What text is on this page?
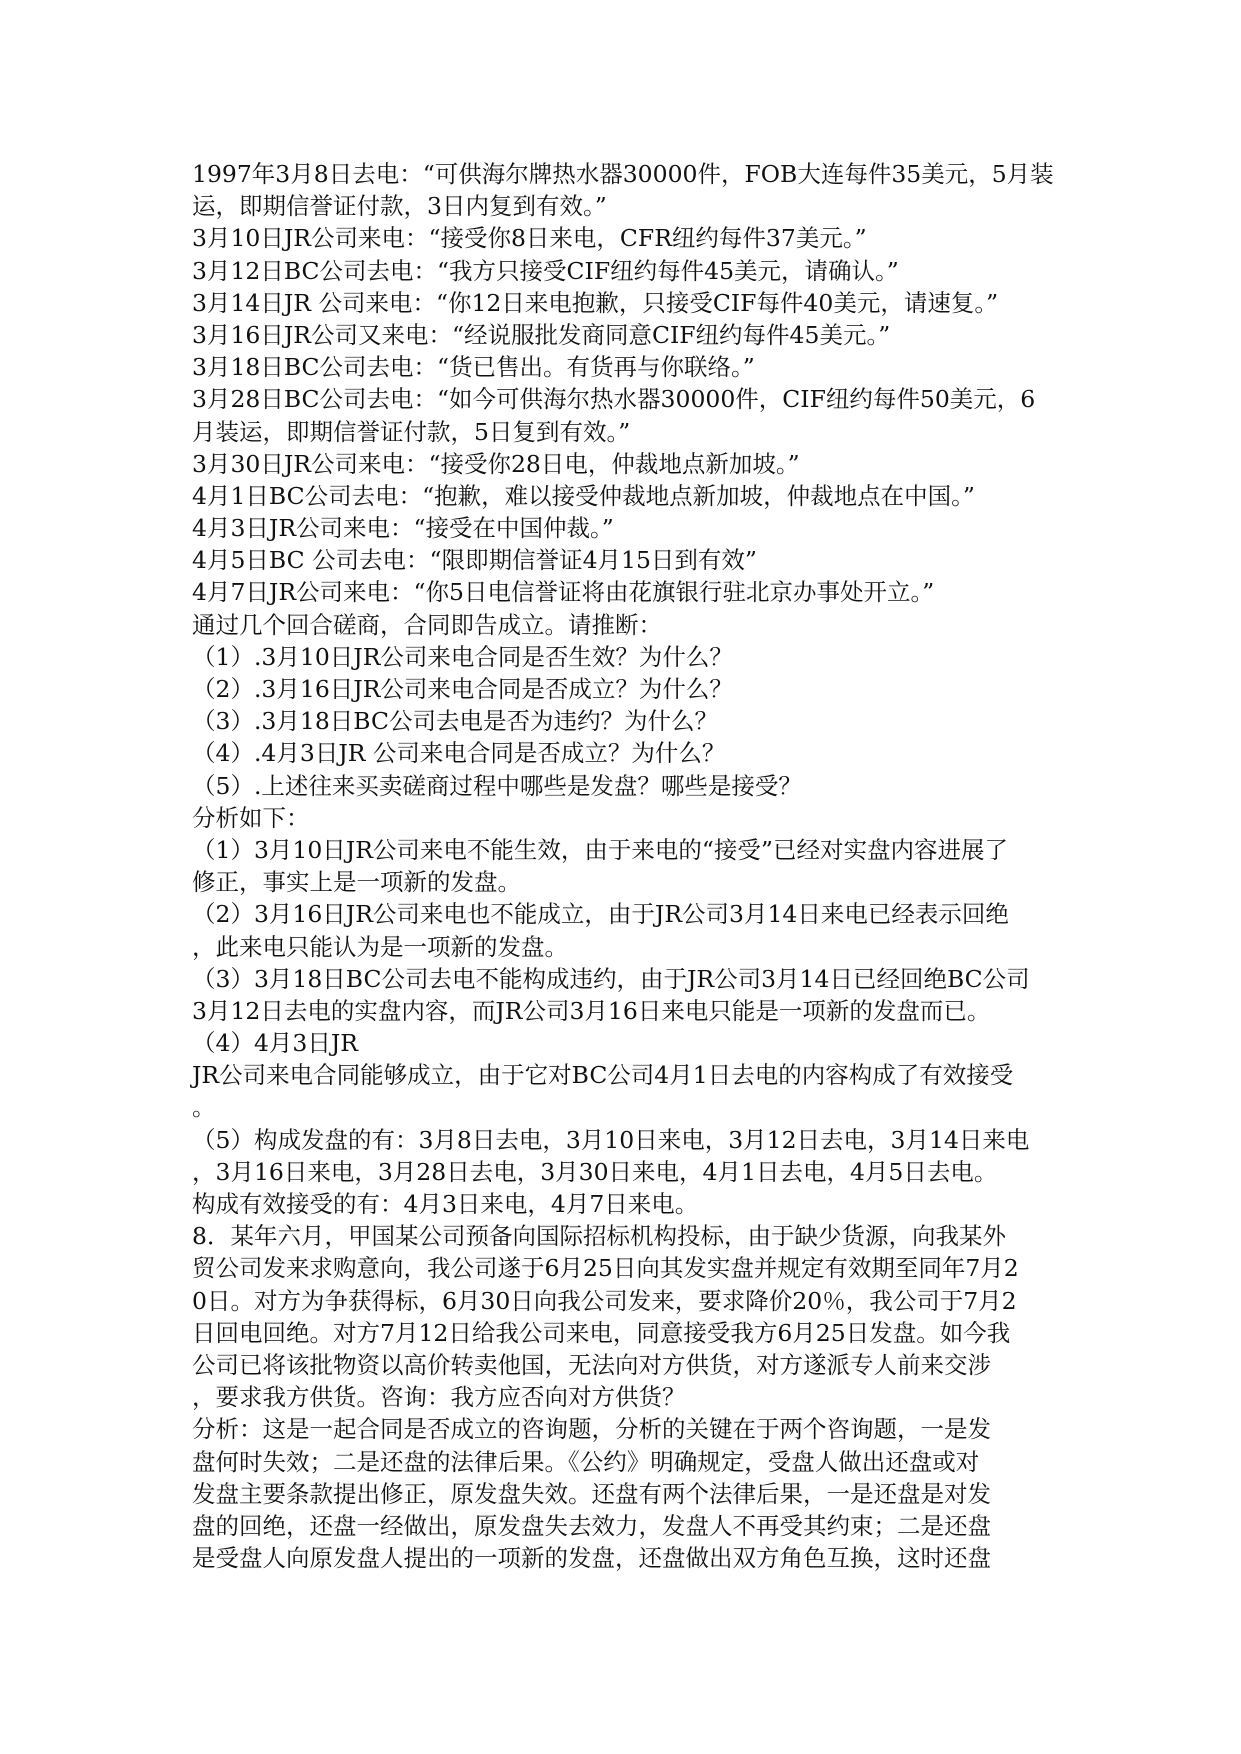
1997年3月8日去电：“可供海尔牌热水器30000件，FOB大连每件35美元，5月装
运，即期信誉证付款，3日内复到有效。”
3月10日JR公司来电：“接受你8日来电，CFR纽约每件37美元。”
3月12日BC公司去电：“我方只接受CIF纽约每件45美元，请确认。”
3月14日JR 公司来电：“你12日来电抱歉，只接受CIF每件40美元，请速复。”
3月16日JR公司又来电：“经说服批发商同意CIF纽约每件45美元。”
3月18日BC公司去电：“货已售出。有货再与你联络。”
3月28日BC公司去电：“如今可供海尔热水器30000件，CIF纽约每件50美元，6
月装运，即期信誉证付款，5日复到有效。”
3月30日JR公司来电：“接受你28日电，仲裁地点新加坡。”
4月1日BC公司去电：“抱歉，难以接受仲裁地点新加坡，仲裁地点在中国。”
4月3日JR公司来电：“接受在中国仲裁。”
4月5日BC 公司去电：“限即期信誉证4月15日到有效”
4月7日JR公司来电：“你5日电信誉证将由花旗银行驻北京办事处开立。”
通过几个回合磋商，合同即告成立。请推断：
（1）.3月10日JR公司来电合同是否生效？为什么？
（2）.3月16日JR公司来电合同是否成立？为什么？
（3）.3月18日BC公司去电是否为违约？为什么？
（4）.4月3日JR 公司来电合同是否成立？为什么？
（5）.上述往来买卖磋商过程中哪些是发盘？哪些是接受？
分析如下：
（1）3月10日JR公司来电不能生效，由于来电的“接受”已经对实盘内容进展了
修正，事实上是一项新的发盘。
（2）3月16日JR公司来电也不能成立，由于JR公司3月14日来电已经表示回绝
，此来电只能认为是一项新的发盘。
（3）3月18日BC公司去电不能构成违约，由于JR公司3月14日已经回绝BC公司
3月12日去电的实盘内容，而JR公司3月16日来电只能是一项新的发盘而已。
（4）4月3日JR
JR公司来电合同能够成立，由于它对BC公司4月1日去电的内容构成了有效接受
。
（5）构成发盘的有：3月8日去电，3月10日来电，3月12日去电，3月14日来电
，3月16日来电，3月28日去电，3月30日来电，4月1日去电，4月5日去电。
构成有效接受的有：4月3日来电，4月7日来电。
8．某年六月，甲国某公司预备向国际招标机构投标，由于缺少货源，向我某外
贸公司发来求购意向，我公司遂于6月25日向其发实盘并规定有效期至同年7月2
0日。对方为争获得标，6月30日向我公司发来，要求降价20％，我公司于7月2
日回电回绝。对方7月12日给我公司来电，同意接受我方6月25日发盘。如今我
公司已将该批物资以高价转卖他国，无法向对方供货，对方遂派专人前来交涉
，要求我方供货。咨询：我方应否向对方供货？
分析：这是一起合同是否成立的咨询题，分析的关键在于两个咨询题，一是发
盘何时失效；二是还盘的法律后果。《公约》明确规定，受盘人做出还盘或对
发盘主要条款提出修正，原发盘失效。还盘有两个法律后果，一是还盘是对发
盘的回绝，还盘一经做出，原发盘失去效力，发盘人不再受其约束；二是还盘
是受盘人向原发盘人提出的一项新的发盘，还盘做出双方角色互换，这时还盘
